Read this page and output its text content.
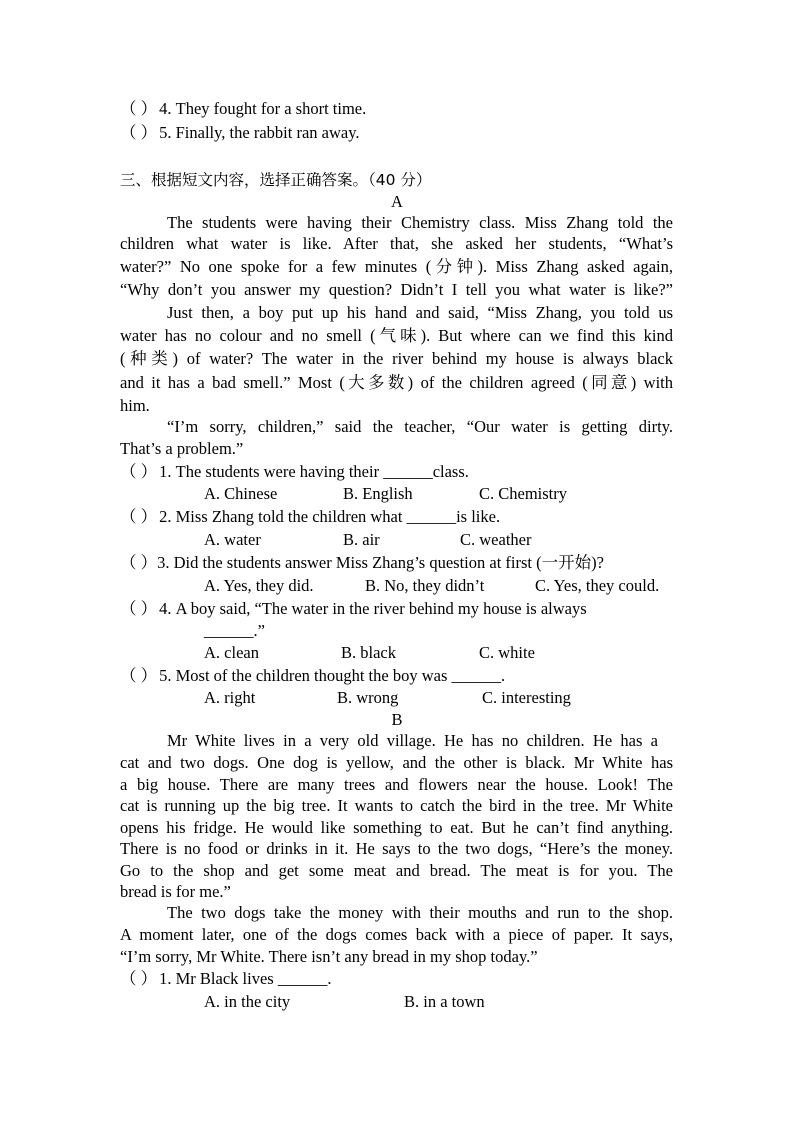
（ ） 4. They fought for a short time.
（ ） 5. Finally, the rabbit ran away.
三、根据短文内容，选择正确答案。（40 分）
A
The students were having their Chemistry class. Miss Zhang told the
children what water is like. After that, she asked her students, “What’s
water?” No one spoke for a few minutes (分钟). Miss Zhang asked again,
“Why don’t you answer my question? Didn’t I tell you what water is like?”
Just then, a boy put up his hand and said, “Miss Zhang, you told us
water has no colour and no smell (气味). But where can we find this kind
(种类) of water? The water in the river behind my house is always black
and it has a bad smell.” Most (大多数) of the children agreed (同意) with
him.
“I’m sorry, children,” said the teacher, “Our water is getting dirty.
That’s a problem.”
（ ） 1. The students were having their ______class.
A. Chinese	B. English	C. Chemistry
（ ） 2. Miss Zhang told the children what ______is like.
A. water	B. air	C. weather
（ ）3. Did the students answer Miss Zhang’s question at first (一开始)?
A. Yes, they did.	B. No, they didn’t	C. Yes, they could.
（ ） 4. A boy said, “The water in the river behind my house is always
______.”
A. clean	B. black	C. white
（ ） 5. Most of the children thought the boy was ______.
A. right	B. wrong	C. interesting
B
Mr White lives in a very old village. He has no children. He has a
cat and two dogs. One dog is yellow, and the other is black. Mr White has
a big house. There are many trees and flowers near the house. Look! The
cat is running up the big tree. It wants to catch the bird in the tree. Mr White
opens his fridge. He would like something to eat. But he can’t find anything.
There is no food or drinks in it. He says to the two dogs, “Here’s the money.
Go to the shop and get some meat and bread. The meat is for you. The
bread is for me.”
The two dogs take the money with their mouths and run to the shop.
A moment later, one of the dogs comes back with a piece of paper. It says,
“I’m sorry, Mr White. There isn’t any bread in my shop today.”
（ ） 1. Mr Black lives ______.
A. in the city	B. in a town
